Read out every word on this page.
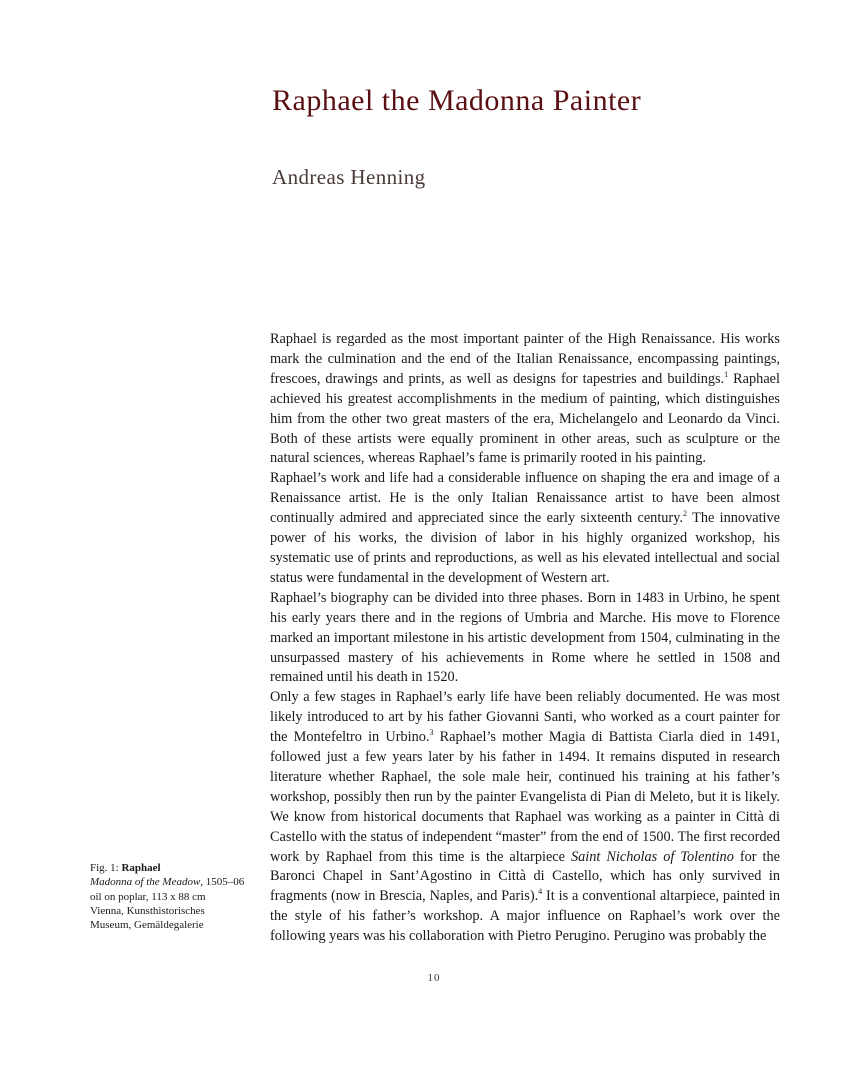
Raphael the Madonna Painter
Andreas Henning

Raphael is regarded as the most important painter of the High Renaissance. His works mark the culmination and the end of the Italian Renaissance, encompassing paintings, frescoes, drawings and prints, as well as designs for tapestries and buildings.$^1$ Raphael achieved his greatest accomplishments in the medium of painting, which distinguishes him from the other two great masters of the era, Michelangelo and Leonardo da Vinci. Both of these artists were equally prominent in other areas, such as sculpture or the natural sciences, whereas Raphael’s fame is primarily rooted in his painting.

Raphael’s work and life had a considerable influence on shaping the era and image of a Renaissance artist. He is the only Italian Renaissance artist to have been almost continually admired and appreciated since the early sixteenth century.$^2$ The innovative power of his works, the division of labor in his highly organized workshop, his systematic use of prints and reproductions, as well as his elevated intellectual and social status were fundamental in the development of Western art.

Raphael’s biography can be divided into three phases. Born in 1483 in Urbino, he spent his early years there and in the regions of Umbria and Marche. His move to Florence marked an important milestone in his artistic development from 1504, culminating in the unsurpassed mastery of his achievements in Rome where he settled in 1508 and remained until his death in 1520.

Only a few stages in Raphael’s early life have been reliably documented. He was most likely introduced to art by his father Giovanni Santi, who worked as a court painter for the Montefeltro in Urbino.$^3$ Raphael’s mother Magia di Battista Ciarla died in 1491, followed just a few years later by his father in 1494. It remains disputed in research literature whether Raphael, the sole male heir, continued his training at his father’s workshop, possibly then run by the painter Evangelista di Pian di Meleto, but it is likely. We know from historical documents that Raphael was working as a painter in Città di Castello with the status of independent “master” from the end of 1500. The first recorded work by Raphael from this time is the altarpiece Saint Nicholas of Tolentino for the Baronci Chapel in Sant’Agostino in Città di Castello, which has only survived in fragments (now in Brescia, Naples, and Paris).$^4$ It is a conventional altarpiece, painted in the style of his father’s workshop. A major influence on Raphael’s work over the following years was his collaboration with Pietro Perugino. Perugino was probably the

Fig. 1: Raphael
Madonna of the Meadow, 1505–06
oil on poplar, 113 x 88 cm
Vienna, Kunsthistorisches
Museum, Gemäldegalerie
10
